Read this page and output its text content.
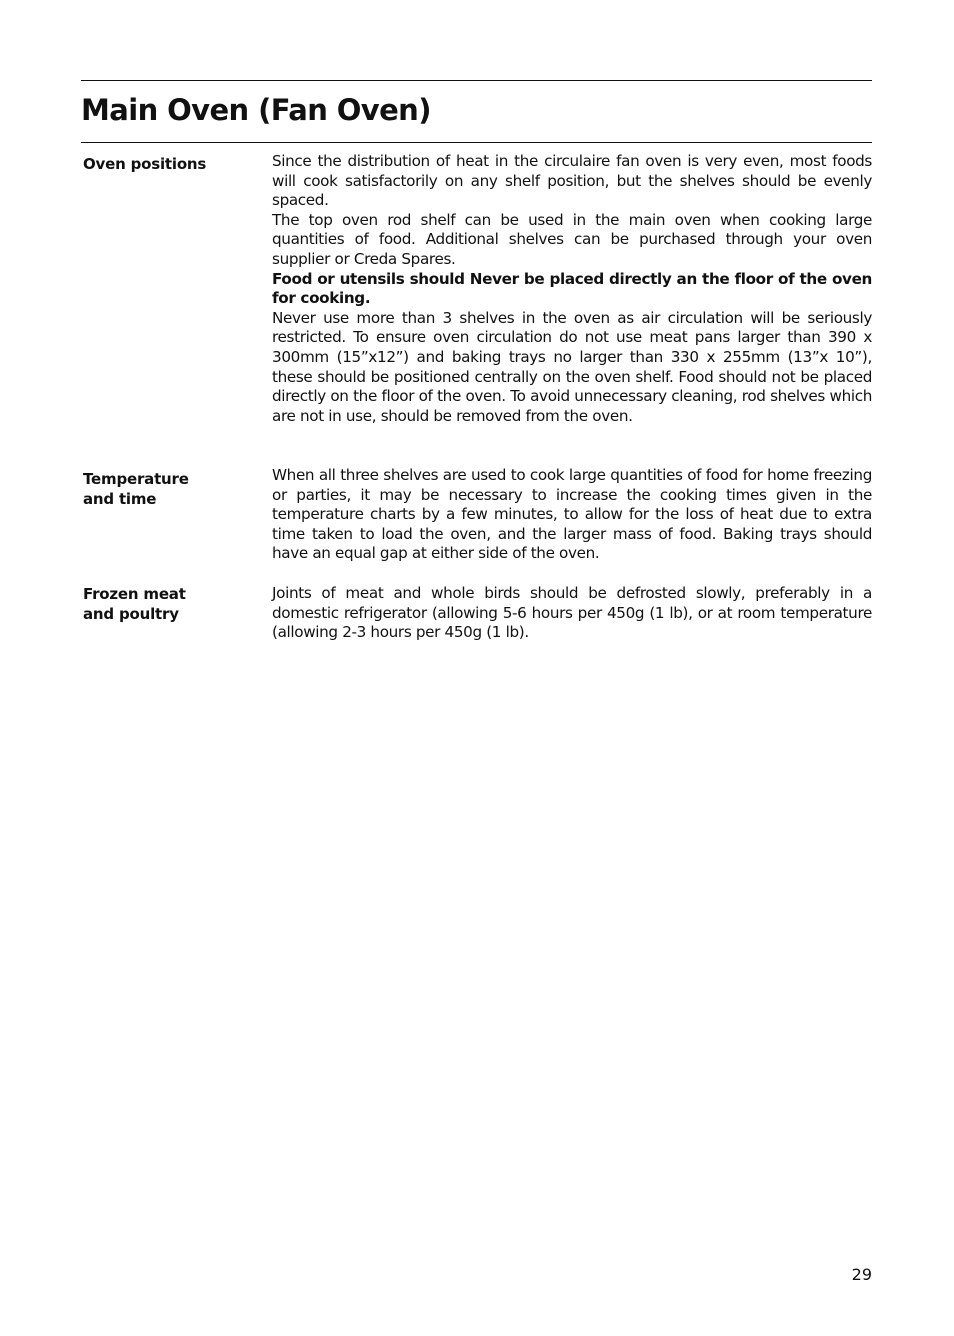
Main Oven (Fan Oven)
Oven positions	Since the distribution of heat in the circulaire fan oven is very even, most foods will cook satisfactorily on any shelf position, but the shelves should be evenly spaced.

The top oven rod shelf can be used in the main oven when cooking large quantities of food. Additional shelves can be purchased through your oven supplier or Creda Spares.

Food or utensils should Never be placed directly an the floor of the oven for cooking.

Never use more than 3 shelves in the oven as air circulation will be seriously restricted. To ensure oven circulation do not use meat pans larger than 390 x 300mm (15”x12”) and baking trays no larger than 330 x 255mm (13”x 10”), these should be positioned centrally on the oven shelf. Food should not be placed directly on the floor of the oven. To avoid unnecessary cleaning, rod shelves which are not in use, should be removed from the oven.

Temperature
and time

When all three shelves are used to cook large quantities of food for home freezing or parties, it may be necessary to increase the cooking times given in the temperature charts by a few minutes, to allow for the loss of heat due to extra time taken to load the oven, and the larger mass of food. Baking trays should have an equal gap at either side of the oven.

Frozen meat
and poultry

Joints of meat and whole birds should be defrosted slowly, preferably in a domestic refrigerator (allowing 5-6 hours per 450g (1 lb), or at room temperature (allowing 2-3 hours per 450g (1 lb).

29
